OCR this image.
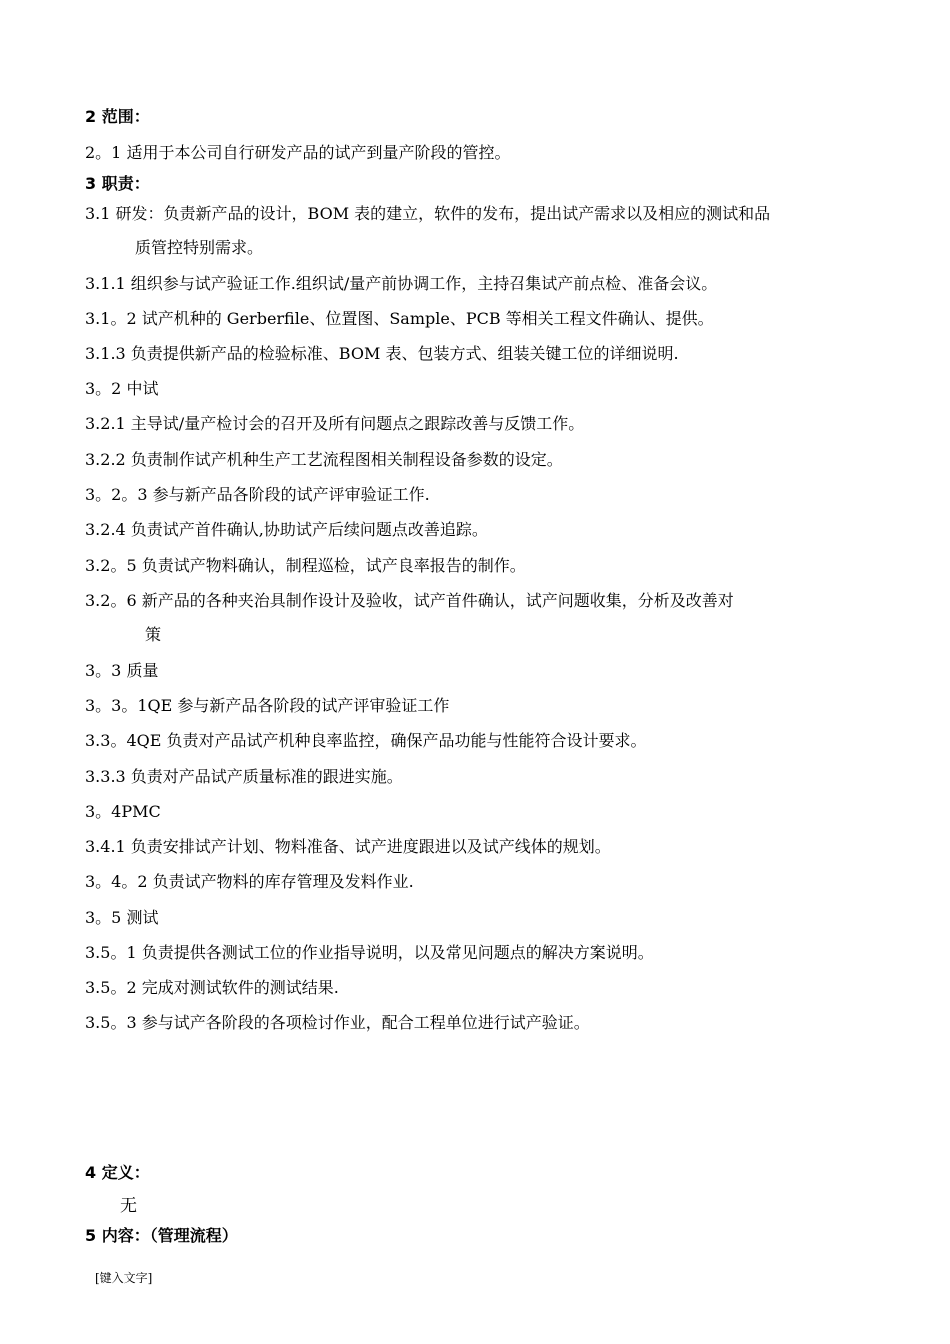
2 范围：
2。1 适用于本公司自行研发产品的试产到量产阶段的管控。
3 职责：
3.1 研发：负责新产品的设计，BOM 表的建立，软件的发布，提出试产需求以及相应的测试和品
质管控特别需求。
3.1.1 组织参与试产验证工作.组织试/量产前协调工作，主持召集试产前点检、准备会议。
3.1。2 试产机种的 Gerberfile、位置图、Sample、PCB 等相关工程文件确认、提供。
3.1.3 负责提供新产品的检验标准、BOM 表、包装方式、组装关键工位的详细说明.
3。2 中试
3.2.1 主导试/量产检讨会的召开及所有问题点之跟踪改善与反馈工作。
3.2.2 负责制作试产机种生产工艺流程图相关制程设备参数的设定。
3。2。3 参与新产品各阶段的试产评审验证工作.
3.2.4 负责试产首件确认,协助试产后续问题点改善追踪。
3.2。5 负责试产物料确认，制程巡检，试产良率报告的制作。
3.2。6 新产品的各种夹治具制作设计及验收，试产首件确认，试产问题收集，分析及改善对
策
3。3 质量
3。3。1QE 参与新产品各阶段的试产评审验证工作
3.3。4QE 负责对产品试产机种良率监控，确保产品功能与性能符合设计要求。
3.3.3 负责对产品试产质量标准的跟进实施。
3。4PMC
3.4.1 负责安排试产计划、物料准备、试产进度跟进以及试产线体的规划。
3。4。2 负责试产物料的库存管理及发料作业.
3。5 测试
3.5。1 负责提供各测试工位的作业指导说明，以及常见问题点的解决方案说明。
3.5。2 完成对测试软件的测试结果.
3.5。3 参与试产各阶段的各项检讨作业，配合工程单位进行试产验证。
4 定义：
无
5 内容：（管理流程）
[键入文字]
